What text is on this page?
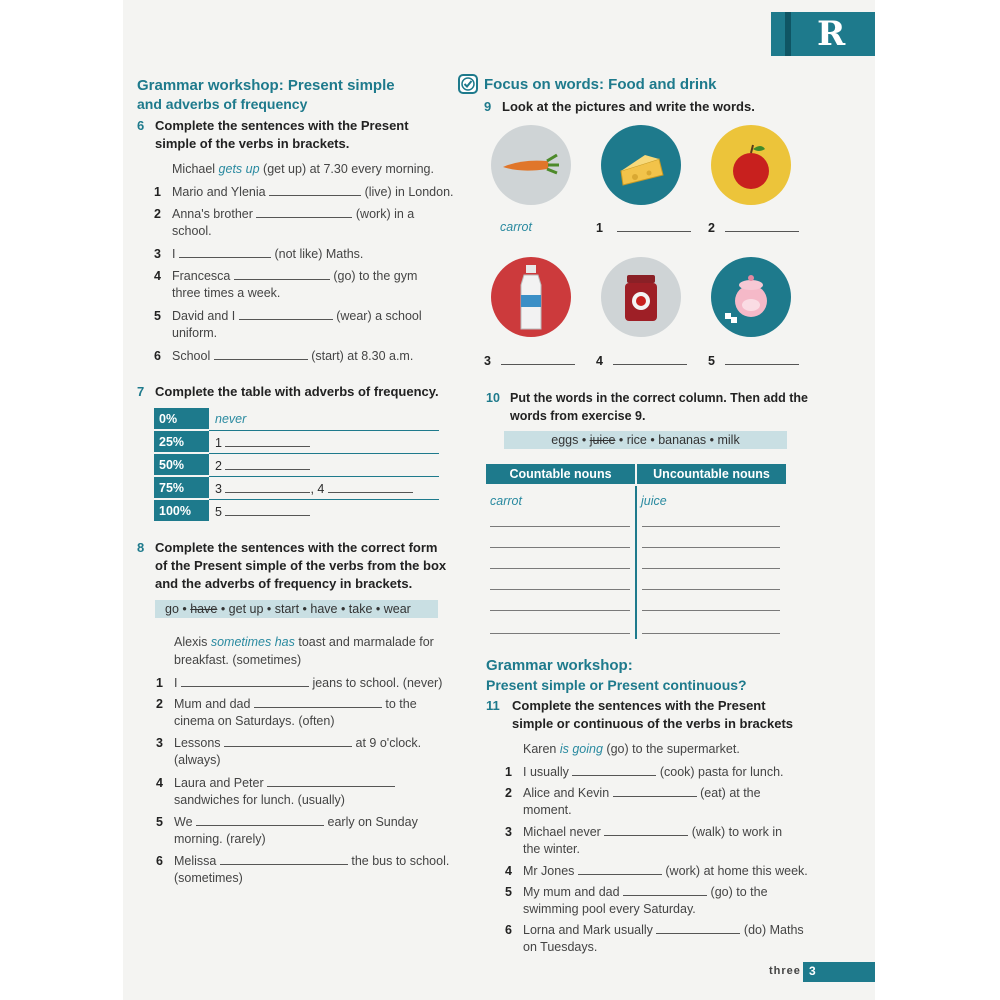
R
Grammar workshop: Present simple
and adverbs of frequency
6 Complete the sentences with the Present
simple of the verbs in brackets.
Michael gets up (get up) at 7.30 every morning.
1 Mario and Ylenia	(live) in London.
2 Anna's brother	(work) in a
school.
3 I	(not like) Maths.
4 Francesca	(go) to the gym
three times a week.
5 David and I	(wear) a school
uniform.
6 School	(start) at 8.30 a.m.
7 Complete the table with adverbs of frequency.
0%	never
25%	1
50%	2
75%	3 , 4
100%	5
8 Complete the sentences with the correct form
of the Present simple of the verbs from the box
and the adverbs of frequency in brackets.
go • have • get up • start • have • take • wear
Alexis sometimes has toast and marmalade for
breakfast. (sometimes)
1 I	jeans to school. (never)
2 Mum and dad	to the
cinema on Saturdays. (often)
3 Lessons	at 9 o'clock.
(always)
4 Laura and Peter
sandwiches for lunch. (usually)
5 We	early on Sunday
morning. (rarely)
6 Melissa	the bus to school.
(sometimes)
Focus on words: Food and drink
9 Look at the pictures and write the words.
carrot	1	2
3	4	5
10 Put the words in the correct column. Then add the
words from exercise 9.
eggs • juice • rice • bananas • milk
Countable nouns	Uncountable nouns
carrot	juice
Grammar workshop:
Present simple or Present continuous?
11 Complete the sentences with the Present
simple or continuous of the verbs in brackets
Karen is going (go) to the supermarket.
1 I usually	(cook) pasta for lunch.
2 Alice and Kevin	(eat) at the
moment.
3 Michael never	(walk) to work in
the winter.
4 Mr Jones	(work) at home this week.
5 My mum and dad	(go) to the
swimming pool every Saturday.
6 Lorna and Mark usually	(do) Maths
on Tuesdays.
three 3
